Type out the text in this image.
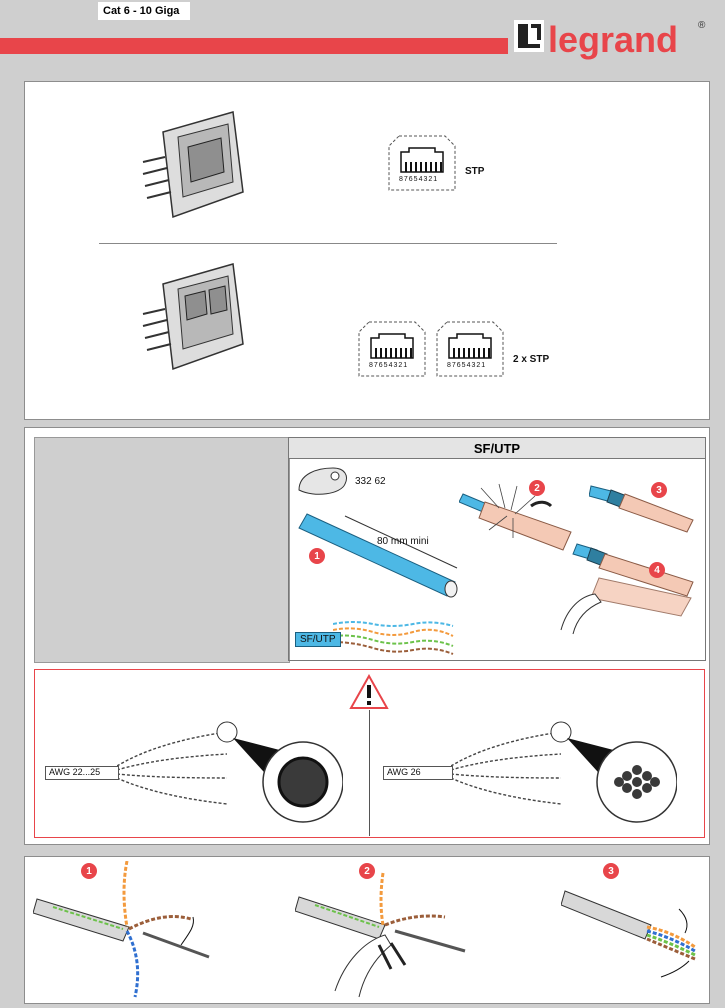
Cat 6 - 10 Giga
legrand ®
87654321
STP
87654321	87654321
2 x STP
SF/UTP
332 62
80 mm mini
1
2	3
4
SF/UTP
AWG 22...25	AWG 26
1	2	3
